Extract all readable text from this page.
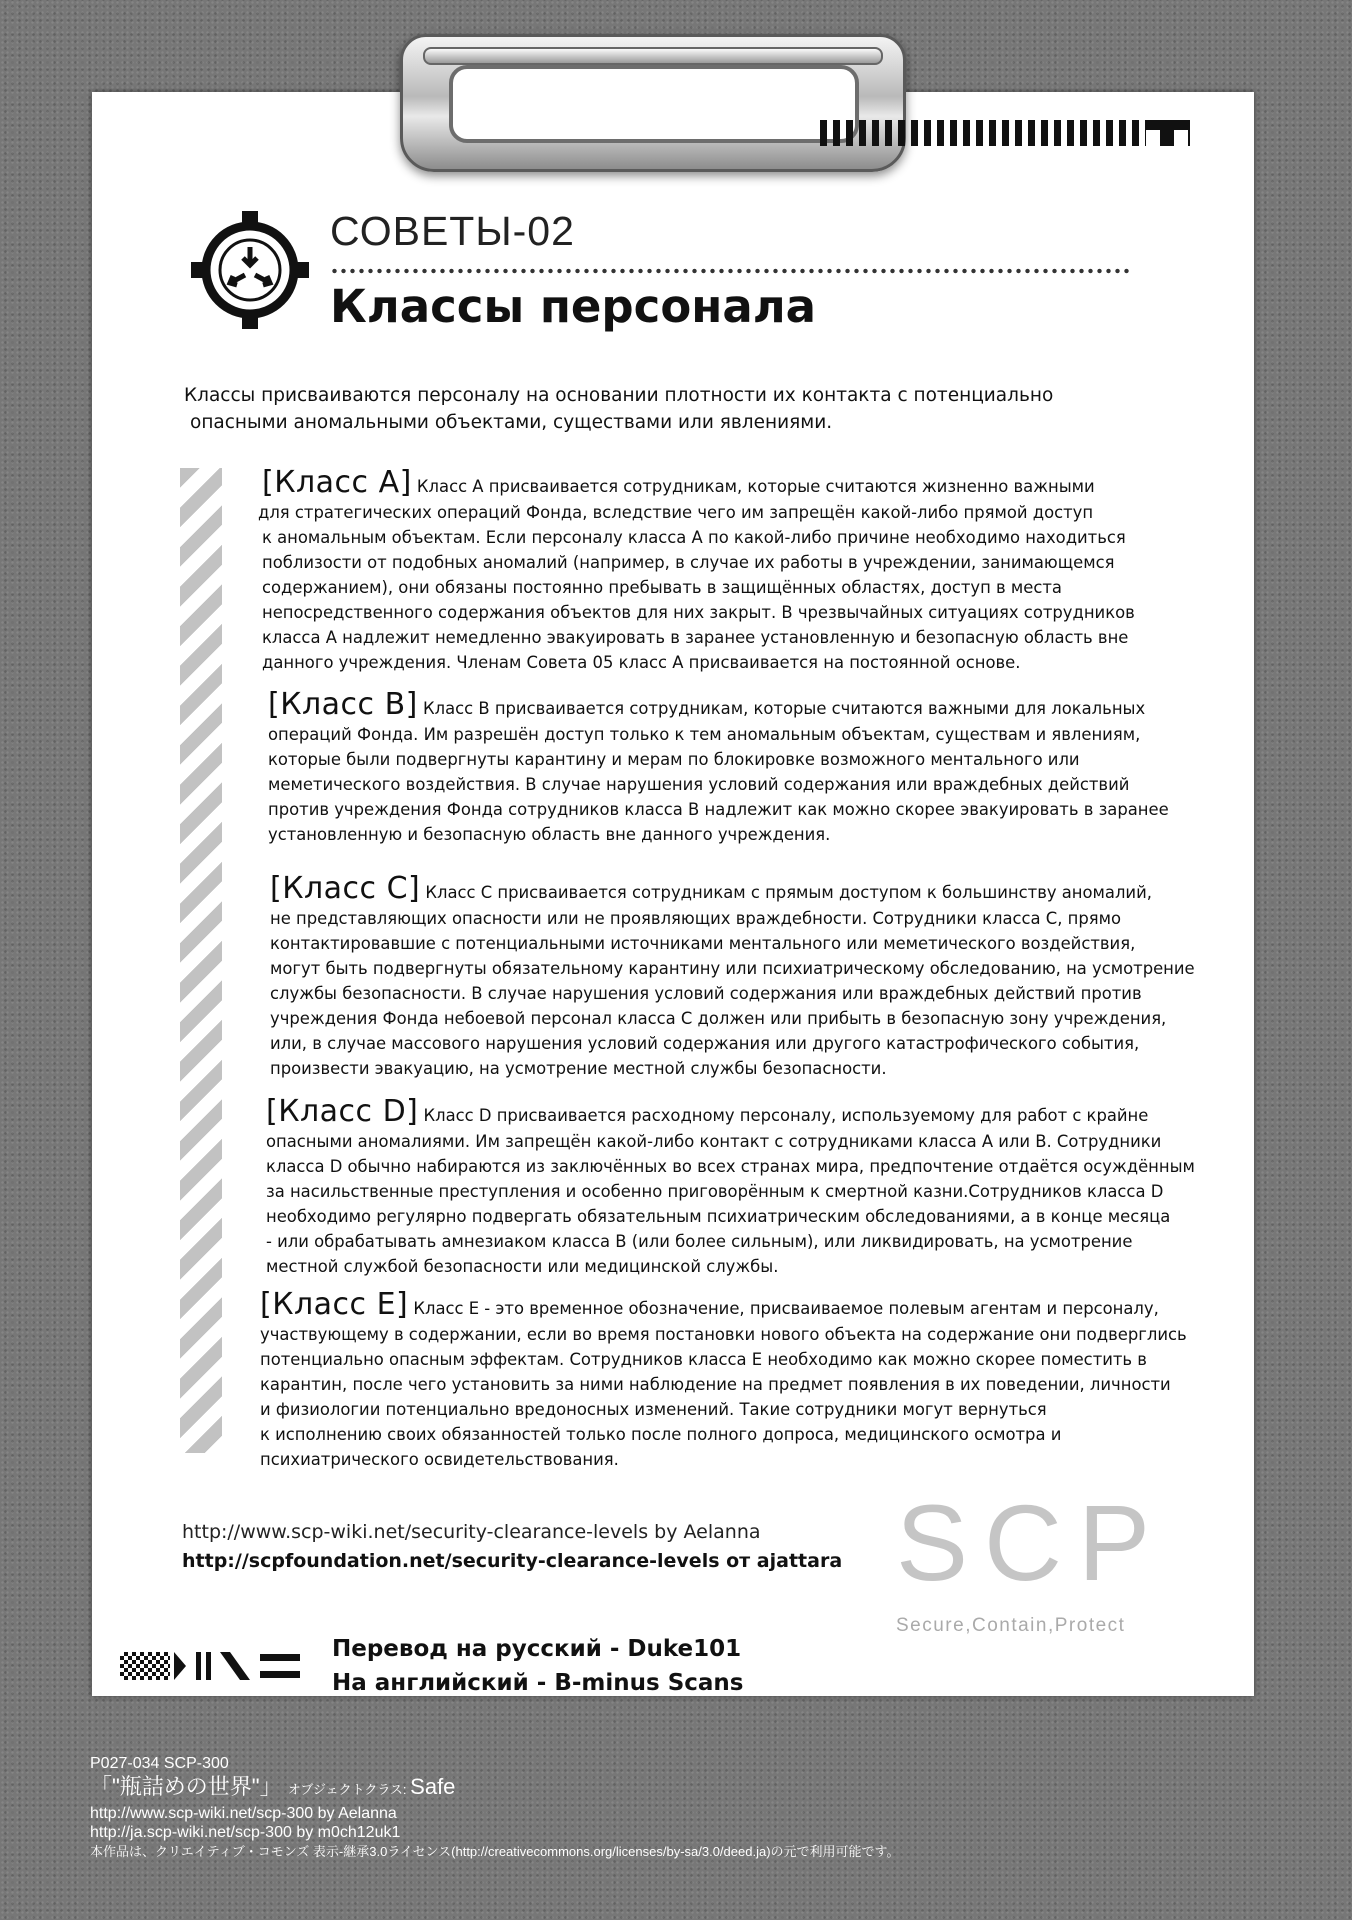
СОВЕТЫ-02
Классы персонала
Классы присваиваются персоналу на основании плотности их контакта с потенциально
опасными аномальными объектами, существами или явлениями.
[Класс A] Класс А присваивается сотрудникам, которые считаются жизненно важными
для стратегических операций Фонда, вследствие чего им запрещён какой-либо прямой доступ
к аномальным объектам. Если персоналу класса А по какой-либо причине необходимо находиться
поблизости от подобных аномалий (например, в случае их работы в учреждении, занимающемся
содержанием), они обязаны постоянно пребывать в защищённых областях, доступ в места
непосредственного содержания объектов для них закрыт. В чрезвычайных ситуациях сотрудников
класса А надлежит немедленно эвакуировать в заранее установленную и безопасную область вне
данного учреждения. Членам Совета 05 класс А присваивается на постоянной основе.
[Класс B] Класс В присваивается сотрудникам, которые считаются важными для локальных
операций Фонда. Им разрешён доступ только к тем аномальным объектам, существам и явлениям,
которые были подвергнуты карантину и мерам по блокировке возможного ментального или
меметического воздействия. В случае нарушения условий содержания или враждебных действий
против учреждения Фонда сотрудников класса В надлежит как можно скорее эвакуировать в заранее
установленную и безопасную область вне данного учреждения.
[Класс C] Класс С присваивается сотрудникам с прямым доступом к большинству аномалий,
не представляющих опасности или не проявляющих враждебности. Сотрудники класса С, прямо
контактировавшие с потенциальными источниками ментального или меметического воздействия,
могут быть подвергнуты обязательному карантину или психиатрическому обследованию, на усмотрение
службы безопасности. В случае нарушения условий содержания или враждебных действий против
учреждения Фонда небоевой персонал класса С должен или прибыть в безопасную зону учреждения,
или, в случае массового нарушения условий содержания или другого катастрофического события,
произвести эвакуацию, на усмотрение местной службы безопасности.
[Класс D] Класс D присваивается расходному персоналу, используемому для работ с крайне
опасными аномалиями. Им запрещён какой-либо контакт с сотрудниками класса А или В. Сотрудники
класса D обычно набираются из заключённых во всех странах мира, предпочтение отдаётся осуждённым
за насильственные преступления и особенно приговорённым к смертной казни.Сотрудников класса D
необходимо регулярно подвергать обязательным психиатрическим обследованиями, а в конце месяца
- или обрабатывать амнезиаком класса В (или более сильным), или ликвидировать, на усмотрение
местной службой безопасности или медицинской службы.
[Класс E] Класс E - это временное обозначение, присваиваемое полевым агентам и персоналу,
участвующему в содержании, если во время постановки нового объекта на содержание они подверглись
потенциально опасным эффектам. Сотрудников класса Е необходимо как можно скорее поместить в
карантин, после чего установить за ними наблюдение на предмет появления в их поведении, личности
и физиологии потенциально вредоносных изменений. Такие сотрудники могут вернуться
к исполнению своих обязанностей только после полного допроса, медицинского осмотра и
психиатрического освидетельствования.
http://www.scp-wiki.net/security-clearance-levels by Aelanna
http://scpfoundation.net/security-clearance-levels от ajattara SCP
Secure,Contain,Protect
Перевод на русский - Duke101
На английский - B-minus Scans
P027-034 SCP-300
「"瓶詰めの世界"」 オブジェクトクラス: Safe
http://www.scp-wiki.net/scp-300 by Aelanna
http://ja.scp-wiki.net/scp-300 by m0ch12uk1
本作品は、クリエイティブ・コモンズ 表示-継承3.0ライセンス(http://creativecommons.org/licenses/by-sa/3.0/deed.ja)の元で利用可能です。
